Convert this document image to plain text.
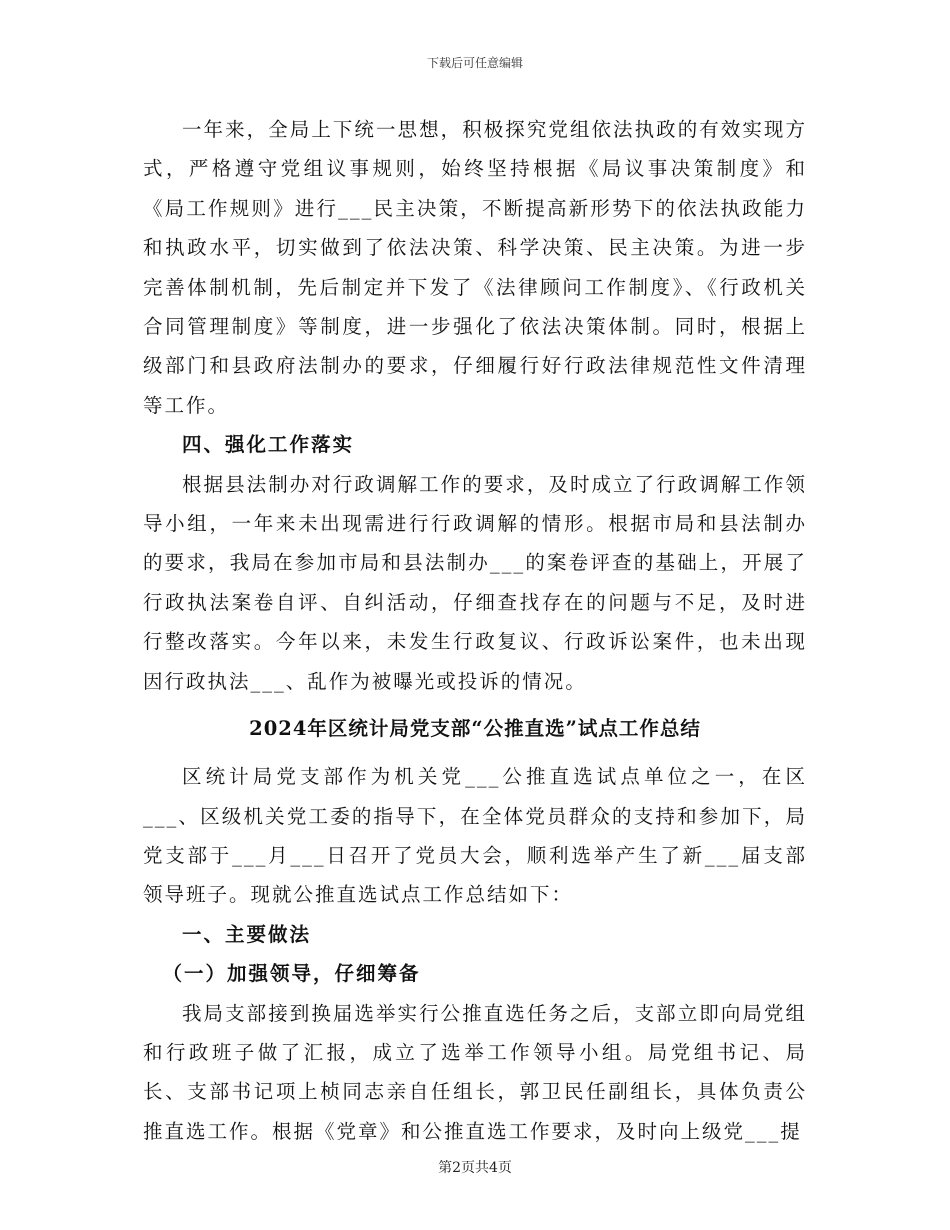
下载后可任意编辑

一年来，全局上下统一思想，积极探究党组依法执政的有效实现方式，严格遵守党组议事规则，始终坚持根据《局议事决策制度》和《局工作规则》进行___民主决策，不断提高新形势下的依法执政能力和执政水平，切实做到了依法决策、科学决策、民主决策。为进一步完善体制机制，先后制定并下发了《法律顾问工作制度》、《行政机关合同管理制度》等制度，进一步强化了依法决策体制。同时，根据上级部门和县政府法制办的要求，仔细履行好行政法律规范性文件清理等工作。

四、强化工作落实

根据县法制办对行政调解工作的要求，及时成立了行政调解工作领导小组，一年来未出现需进行行政调解的情形。根据市局和县法制办的要求，我局在参加市局和县法制办___的案卷评查的基础上，开展了行政执法案卷自评、自纠活动，仔细查找存在的问题与不足，及时进行整改落实。今年以来，未发生行政复议、行政诉讼案件，也未出现因行政执法___、乱作为被曝光或投诉的情况。

2024年区统计局党支部“公推直选”试点工作总结

区统计局党支部作为机关党___公推直选试点单位之一，在区___、区级机关党工委的指导下，在全体党员群众的支持和参加下，局党支部于___月___日召开了党员大会，顺利选举产生了新___届支部领导班子。现就公推直选试点工作总结如下：

一、主要做法

（一）加强领导，仔细筹备

我局支部接到换届选举实行公推直选任务之后，支部立即向局党组和行政班子做了汇报，成立了选举工作领导小组。局党组书记、局长、支部书记项上桢同志亲自任组长，郭卫民任副组长，具体负责公推直选工作。根据《党章》和公推直选工作要求，及时向上级党___提

第2页共4页
